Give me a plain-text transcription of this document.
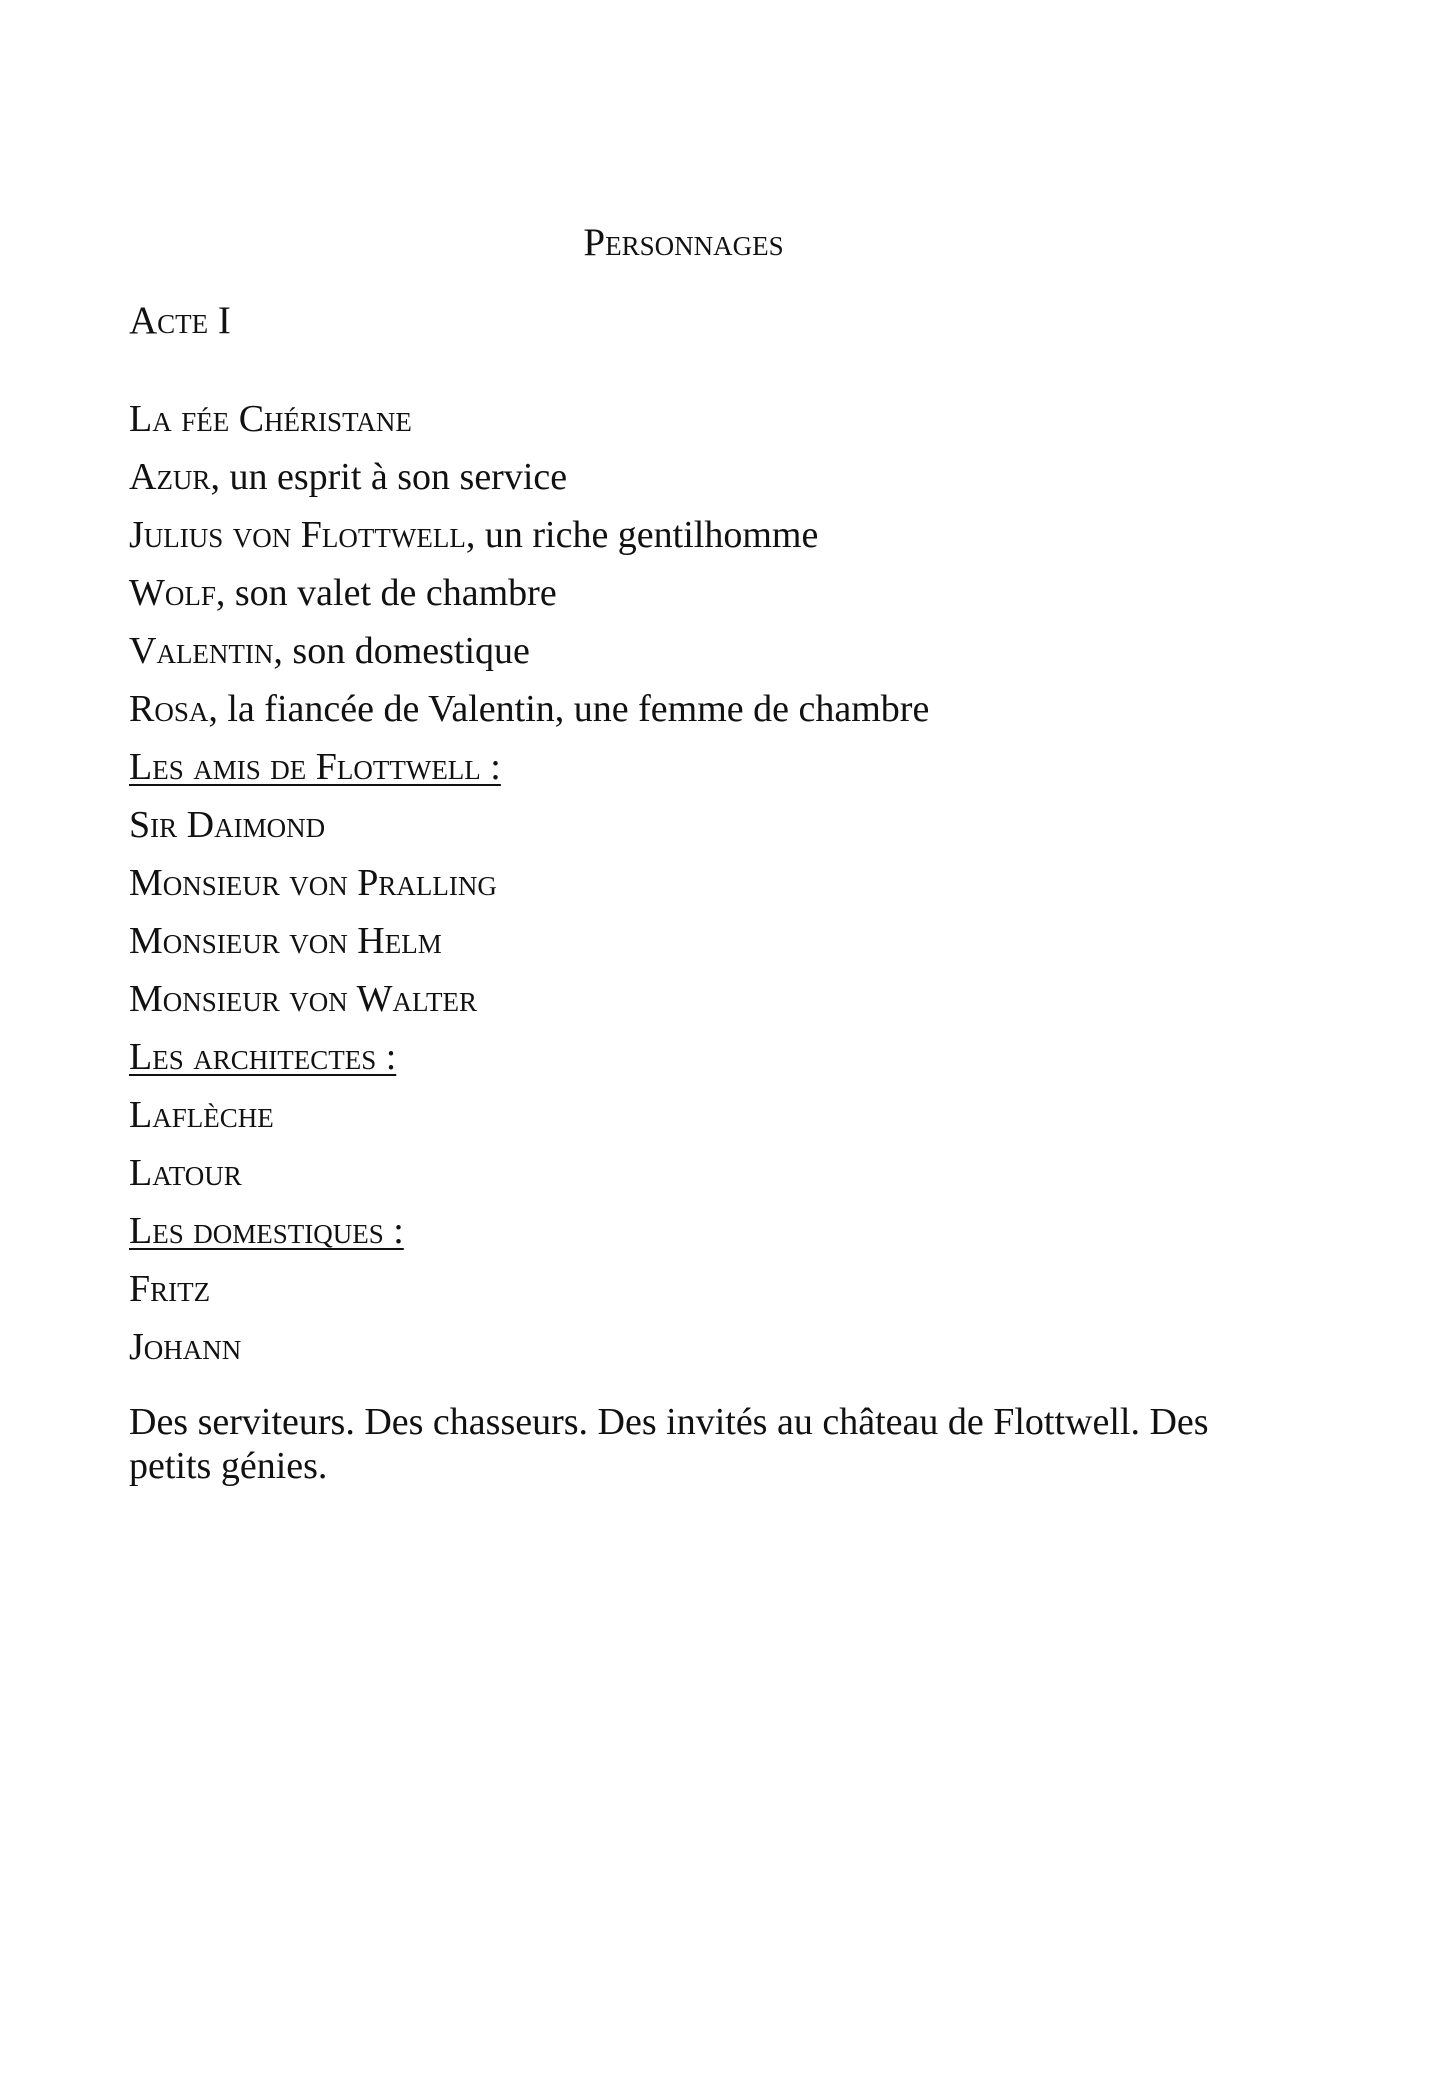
Personnages
Acte I
La fée Chéristane
Azur, un esprit à son service
Julius von Flottwell, un riche gentilhomme
Wolf, son valet de chambre
Valentin, son domestique
Rosa, la fiancée de Valentin, une femme de chambre
Les amis de Flottwell :
Sir Daimond
Monsieur von Pralling
Monsieur von Helm
Monsieur von Walter
Les architectes :
Laflèche
Latour
Les domestiques :
Fritz
Johann

Des serviteurs. Des chasseurs. Des invités au château de Flottwell. Des petits génies.
